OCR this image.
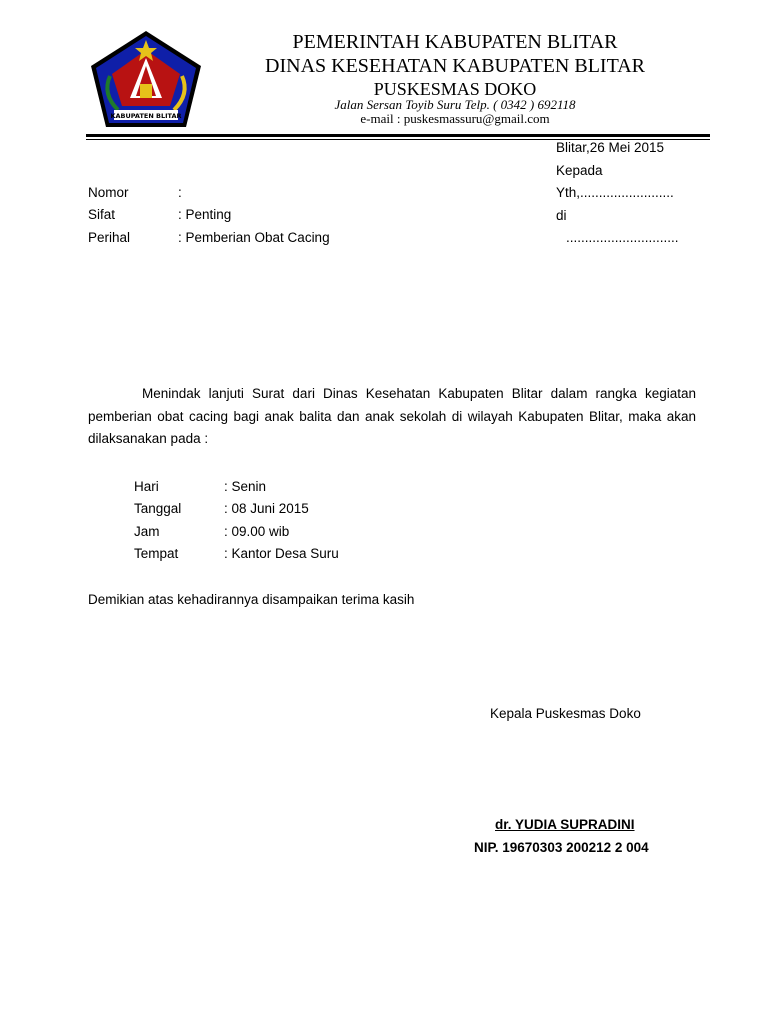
KABUPATEN BLITAR
PEMERINTAH KABUPATEN BLITAR
DINAS KESEHATAN KABUPATEN BLITAR
PUSKESMAS DOKO
Jalan Sersan Toyib Suru Telp. ( 0342 ) 692118
e-mail : puskesmassuru@gmail.com
Blitar,26 Mei 2015
Kepada
Yth,.........................
di
..............................
Nomor	:
Sifat	: Penting
Perihal	: Pemberian Obat Cacing
Menindak lanjuti Surat dari Dinas Kesehatan Kabupaten Blitar dalam rangka kegiatan pemberian obat cacing bagi anak balita dan anak sekolah di wilayah Kabupaten Blitar, maka akan dilaksanakan pada :
Hari	: Senin
Tanggal	: 08 Juni 2015
Jam	: 09.00 wib
Tempat	: Kantor Desa Suru
Demikian atas kehadirannya disampaikan terima kasih
Kepala Puskesmas Doko
dr. YUDIA SUPRADINI
NIP. 19670303 200212 2 004
